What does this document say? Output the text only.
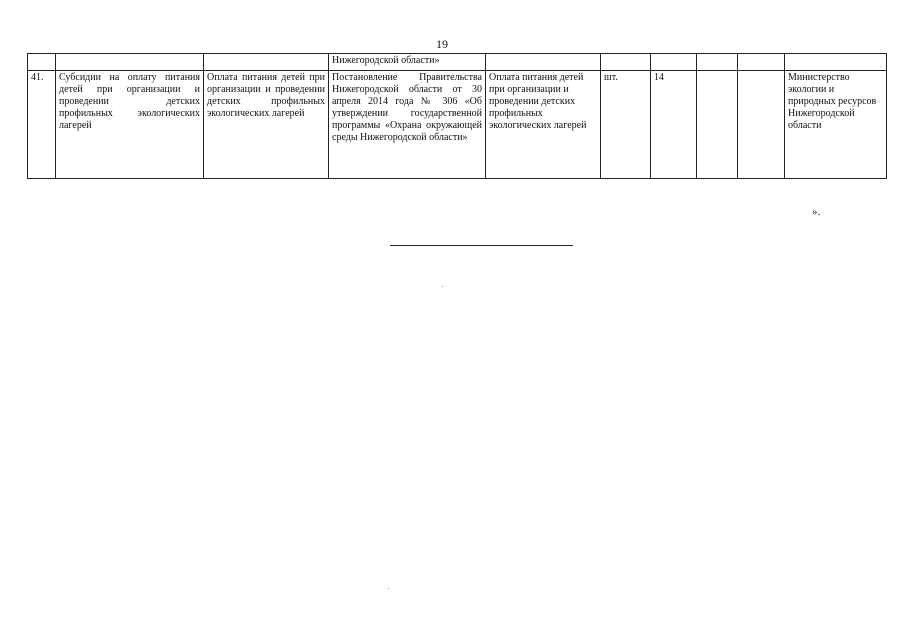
19
			Нижегородской области»						
41.	Субсидии на оплату питания детей при организации и проведении детских профильных экологических лагерей	Оплата питания детей при организации и проведении детских профильных экологических лагерей	Постановление Правительства Нижегородской области от 30 апреля 2014 года № 306 «Об утверждении государственной программы «Охрана окружающей среды Нижегородской области»	Оплата питания детей при организации и проведении детских профильных экологических лагерей	шт.	14			Министерство экологии и природных ресурсов Нижегородской области
».
